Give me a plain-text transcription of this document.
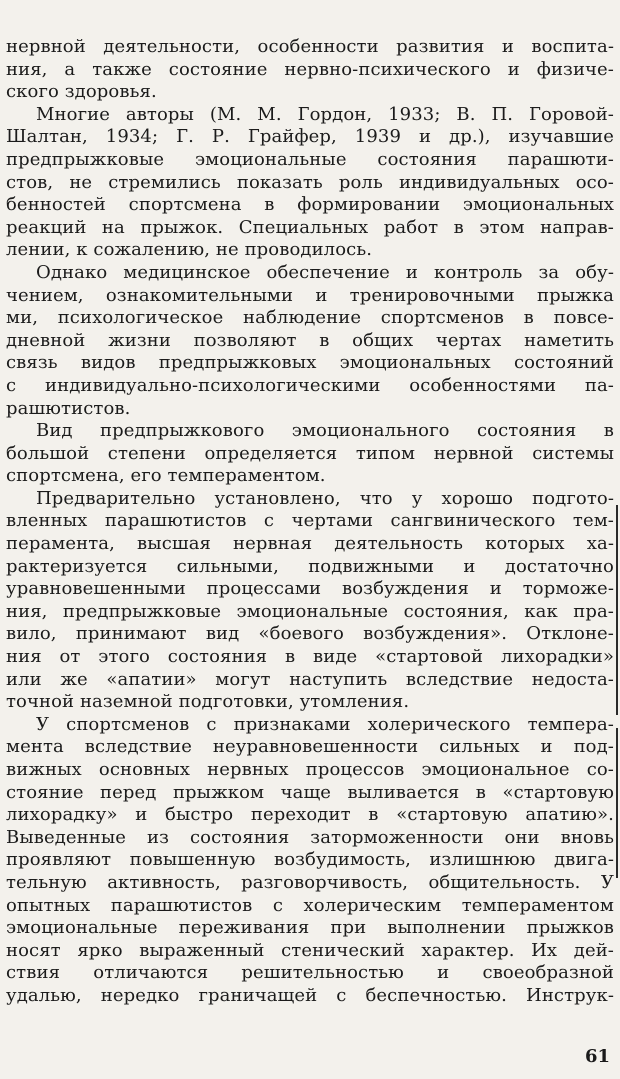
нервной деятельности, особенности развития и воспита-
ния, а также состояние нервно-психического и физиче-
ского здоровья.
Многие авторы (М. М. Гордон, 1933; В. П. Горовой-
Шалтан, 1934; Г. Р. Грайфер, 1939 и др.), изучавшие
предпрыжковые эмоциональные состояния парашюти-
стов, не стремились показать роль индивидуальных осо-
бенностей спортсмена в формировании эмоциональных
реакций на прыжок. Специальных работ в этом направ-
лении, к сожалению, не проводилось.
Однако медицинское обеспечение и контроль за обу-
чением, ознакомительными и тренировочными прыжка
ми, психологическое наблюдение спортсменов в повсе-
дневной жизни позволяют в общих чертах наметить
связь видов предпрыжковых эмоциональных состояний
с индивидуально-психологическими особенностями па-
рашютистов.
Вид предпрыжкового эмоционального состояния в
большой степени определяется типом нервной системы
спортсмена, его темпераментом.
Предварительно установлено, что у хорошо подгото-
вленных парашютистов с чертами сангвинического тем-
перамента, высшая нервная деятельность которых ха-
рактеризуется сильными, подвижными и достаточно
уравновешенными процессами возбуждения и торможе-
ния, предпрыжковые эмоциональные состояния, как пра-
вило, принимают вид «боевого возбуждения». Отклоне-
ния от этого состояния в виде «стартовой лихорадки»
или же «апатии» могут наступить вследствие недоста-
точной наземной подготовки, утомления.
У спортсменов с признаками холерического темпера-
мента вследствие неуравновешенности сильных и под-
вижных основных нервных процессов эмоциональное со-
стояние перед прыжком чаще выливается в «стартовую
лихорадку» и быстро переходит в «стартовую апатию».
Выведенные из состояния заторможенности они вновь
проявляют повышенную возбудимость, излишнюю двига-
тельную активность, разговорчивость, общительность. У
опытных парашютистов с холерическим темпераментом
эмоциональные переживания при выполнении прыжков
носят ярко выраженный стенический характер. Их дей-
ствия отличаются решительностью и своеобразной
удалью, нередко граничащей с беспечностью. Инструк-
61
